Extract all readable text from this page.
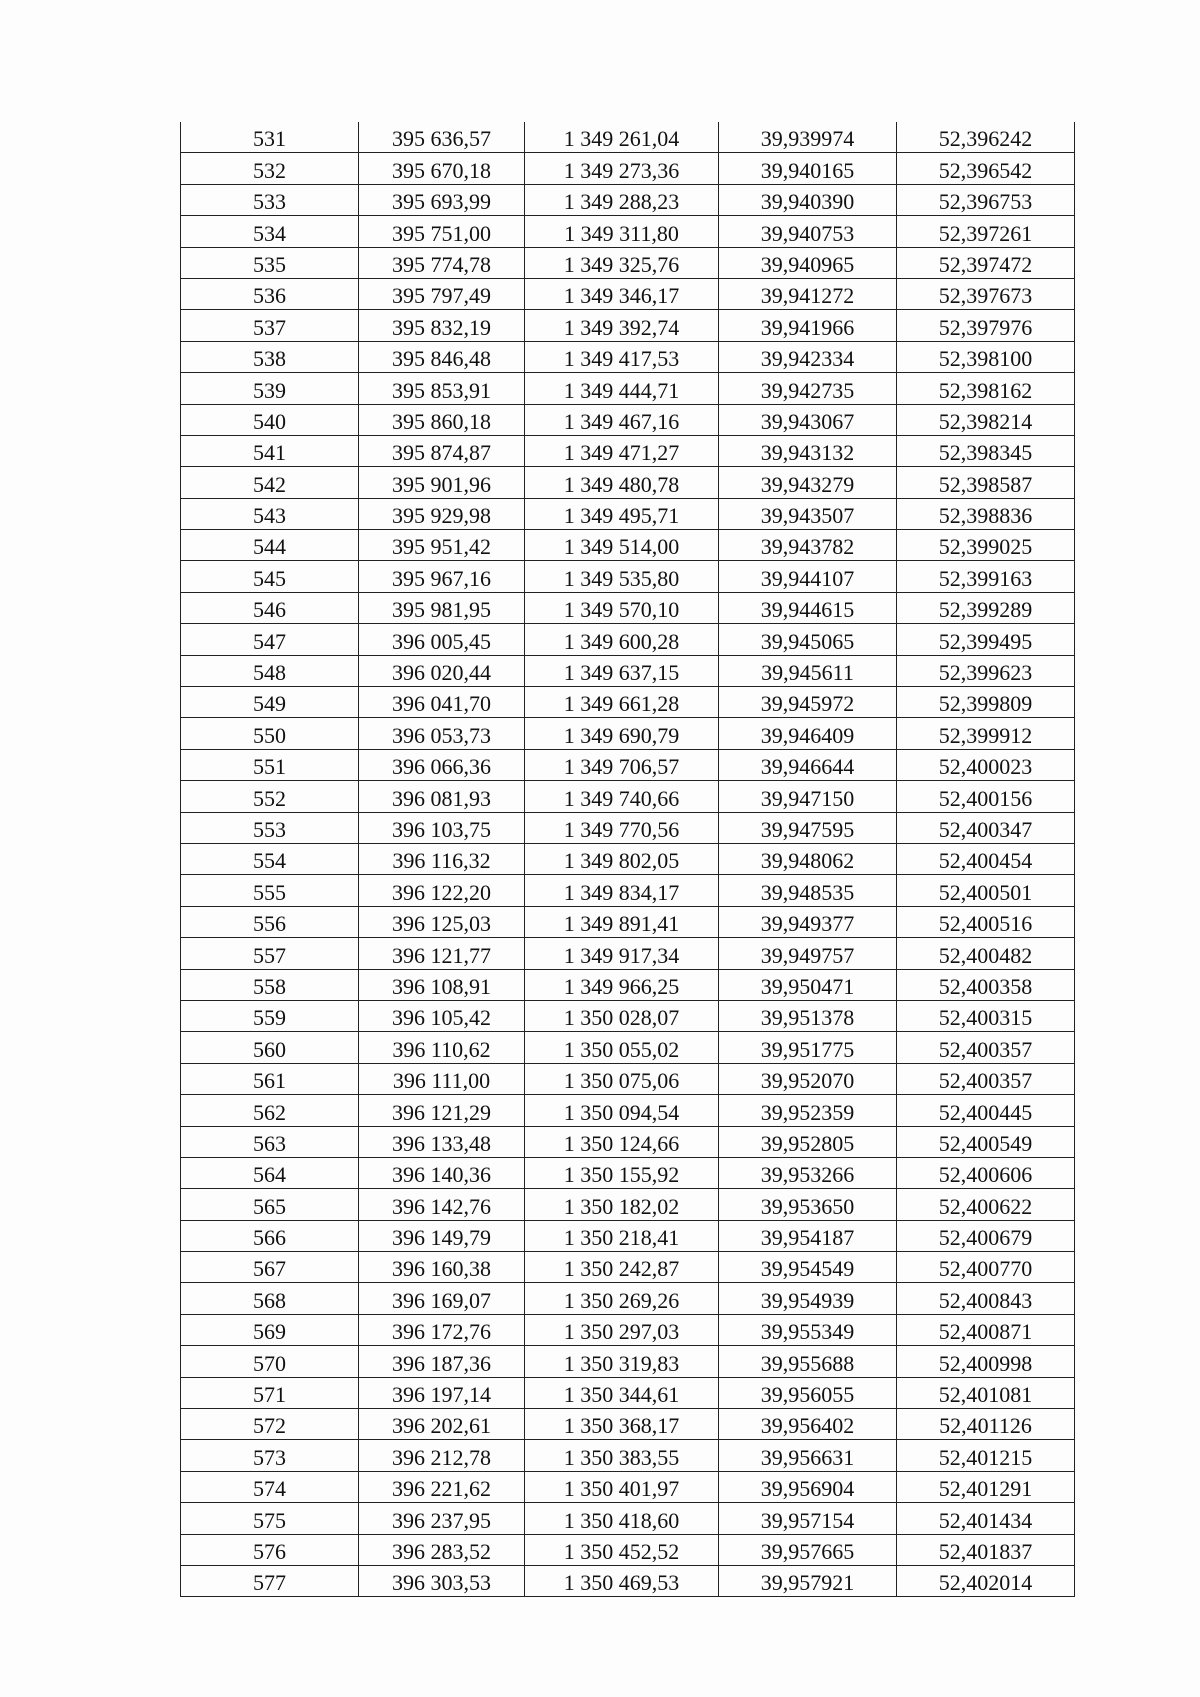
531	395 636,57	1 349 261,04	39,939974	52,396242
532	395 670,18	1 349 273,36	39,940165	52,396542
533	395 693,99	1 349 288,23	39,940390	52,396753
534	395 751,00	1 349 311,80	39,940753	52,397261
535	395 774,78	1 349 325,76	39,940965	52,397472
536	395 797,49	1 349 346,17	39,941272	52,397673
537	395 832,19	1 349 392,74	39,941966	52,397976
538	395 846,48	1 349 417,53	39,942334	52,398100
539	395 853,91	1 349 444,71	39,942735	52,398162
540	395 860,18	1 349 467,16	39,943067	52,398214
541	395 874,87	1 349 471,27	39,943132	52,398345
542	395 901,96	1 349 480,78	39,943279	52,398587
543	395 929,98	1 349 495,71	39,943507	52,398836
544	395 951,42	1 349 514,00	39,943782	52,399025
545	395 967,16	1 349 535,80	39,944107	52,399163
546	395 981,95	1 349 570,10	39,944615	52,399289
547	396 005,45	1 349 600,28	39,945065	52,399495
548	396 020,44	1 349 637,15	39,945611	52,399623
549	396 041,70	1 349 661,28	39,945972	52,399809
550	396 053,73	1 349 690,79	39,946409	52,399912
551	396 066,36	1 349 706,57	39,946644	52,400023
552	396 081,93	1 349 740,66	39,947150	52,400156
553	396 103,75	1 349 770,56	39,947595	52,400347
554	396 116,32	1 349 802,05	39,948062	52,400454
555	396 122,20	1 349 834,17	39,948535	52,400501
556	396 125,03	1 349 891,41	39,949377	52,400516
557	396 121,77	1 349 917,34	39,949757	52,400482
558	396 108,91	1 349 966,25	39,950471	52,400358
559	396 105,42	1 350 028,07	39,951378	52,400315
560	396 110,62	1 350 055,02	39,951775	52,400357
561	396 111,00	1 350 075,06	39,952070	52,400357
562	396 121,29	1 350 094,54	39,952359	52,400445
563	396 133,48	1 350 124,66	39,952805	52,400549
564	396 140,36	1 350 155,92	39,953266	52,400606
565	396 142,76	1 350 182,02	39,953650	52,400622
566	396 149,79	1 350 218,41	39,954187	52,400679
567	396 160,38	1 350 242,87	39,954549	52,400770
568	396 169,07	1 350 269,26	39,954939	52,400843
569	396 172,76	1 350 297,03	39,955349	52,400871
570	396 187,36	1 350 319,83	39,955688	52,400998
571	396 197,14	1 350 344,61	39,956055	52,401081
572	396 202,61	1 350 368,17	39,956402	52,401126
573	396 212,78	1 350 383,55	39,956631	52,401215
574	396 221,62	1 350 401,97	39,956904	52,401291
575	396 237,95	1 350 418,60	39,957154	52,401434
576	396 283,52	1 350 452,52	39,957665	52,401837
577	396 303,53	1 350 469,53	39,957921	52,402014
